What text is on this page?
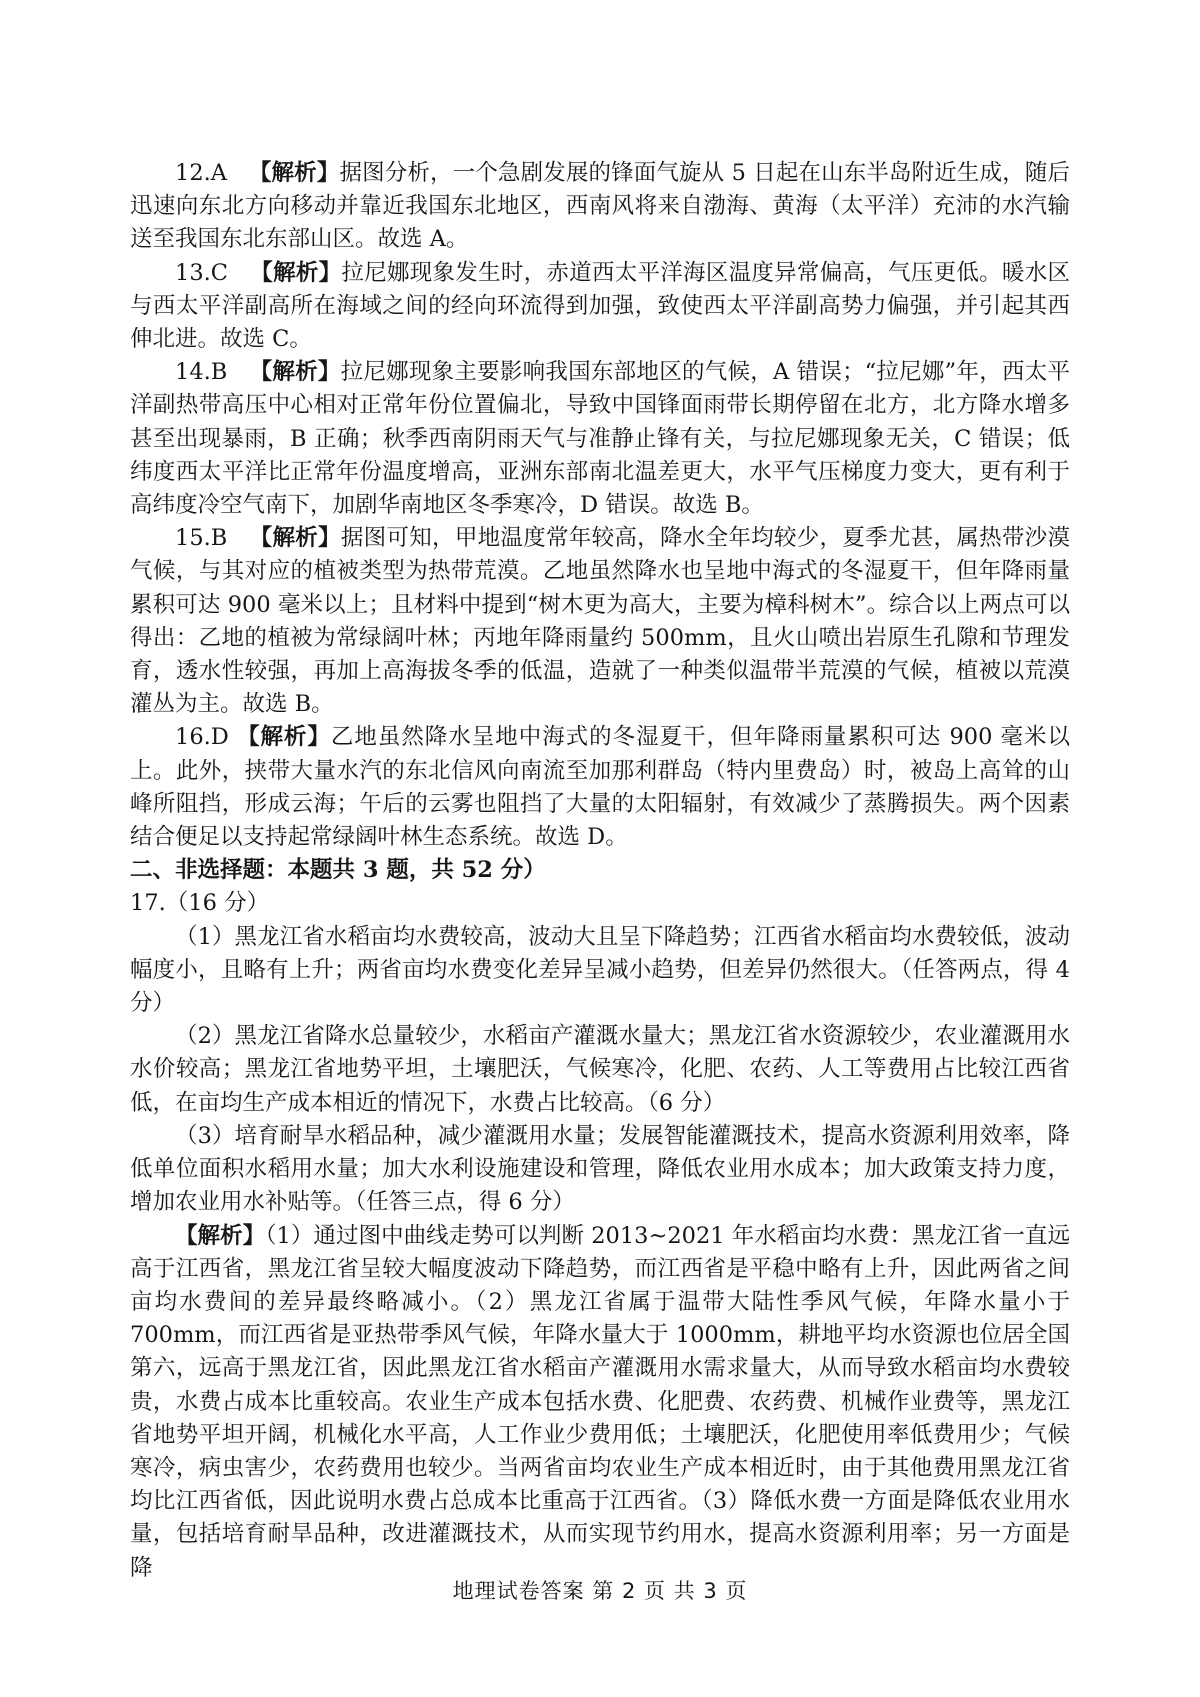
12.A 【解析】据图分析，一个急剧发展的锋面气旋从 5 日起在山东半岛附近生成，随后迅速向东北方向移动并靠近我国东北地区，西南风将来自渤海、黄海（太平洋）充沛的水汽输送至我国东北东部山区。故选 A。

13.C 【解析】拉尼娜现象发生时，赤道西太平洋海区温度异常偏高，气压更低。暖水区与西太平洋副高所在海域之间的经向环流得到加强，致使西太平洋副高势力偏强，并引起其西伸北进。故选 C。

14.B 【解析】拉尼娜现象主要影响我国东部地区的气候，A 错误；“拉尼娜”年，西太平洋副热带高压中心相对正常年份位置偏北，导致中国锋面雨带长期停留在北方，北方降水增多甚至出现暴雨，B 正确；秋季西南阴雨天气与准静止锋有关，与拉尼娜现象无关，C 错误；低纬度西太平洋比正常年份温度增高，亚洲东部南北温差更大，水平气压梯度力变大，更有利于高纬度冷空气南下，加剧华南地区冬季寒冷，D 错误。故选 B。

15.B 【解析】据图可知，甲地温度常年较高，降水全年均较少，夏季尤甚，属热带沙漠气候，与其对应的植被类型为热带荒漠。乙地虽然降水也呈地中海式的冬湿夏干，但年降雨量累积可达 900 毫米以上；且材料中提到“树木更为高大，主要为樟科树木”。综合以上两点可以得出：乙地的植被为常绿阔叶林；丙地年降雨量约 500mm，且火山喷出岩原生孔隙和节理发育，透水性较强，再加上高海拔冬季的低温，造就了一种类似温带半荒漠的气候，植被以荒漠灌丛为主。故选 B。

16.D 【解析】乙地虽然降水呈地中海式的冬湿夏干，但年降雨量累积可达 900 毫米以上。此外，挟带大量水汽的东北信风向南流至加那利群岛（特内里费岛）时，被岛上高耸的山峰所阻挡，形成云海；午后的云雾也阻挡了大量的太阳辐射，有效减少了蒸腾损失。两个因素结合便足以支持起常绿阔叶林生态系统。故选 D。

二、非选择题：本题共 3 题，共 52 分）

17.（16 分）

（1）黑龙江省水稻亩均水费较高，波动大且呈下降趋势；江西省水稻亩均水费较低，波动幅度小，且略有上升；两省亩均水费变化差异呈减小趋势，但差异仍然很大。（任答两点，得 4 分）

（2）黑龙江省降水总量较少，水稻亩产灌溉水量大；黑龙江省水资源较少，农业灌溉用水水价较高；黑龙江省地势平坦，土壤肥沃，气候寒冷，化肥、农药、人工等费用占比较江西省低，在亩均生产成本相近的情况下，水费占比较高。（6 分）

（3）培育耐旱水稻品种，减少灌溉用水量；发展智能灌溉技术，提高水资源利用效率，降低单位面积水稻用水量；加大水利设施建设和管理，降低农业用水成本；加大政策支持力度，增加农业用水补贴等。（任答三点，得 6 分）

【解析】（1）通过图中曲线走势可以判断 2013~2021 年水稻亩均水费：黑龙江省一直远高于江西省，黑龙江省呈较大幅度波动下降趋势，而江西省是平稳中略有上升，因此两省之间亩均水费间的差异最终略减小。（2）黑龙江省属于温带大陆性季风气候，年降水量小于 700mm，而江西省是亚热带季风气候，年降水量大于 1000mm，耕地平均水资源也位居全国第六，远高于黑龙江省，因此黑龙江省水稻亩产灌溉用水需求量大，从而导致水稻亩均水费较贵，水费占成本比重较高。农业生产成本包括水费、化肥费、农药费、机械作业费等，黑龙江省地势平坦开阔，机械化水平高，人工作业少费用低；土壤肥沃，化肥使用率低费用少；气候寒冷，病虫害少，农药费用也较少。当两省亩均农业生产成本相近时，由于其他费用黑龙江省均比江西省低，因此说明水费占总成本比重高于江西省。（3）降低水费一方面是降低农业用水量，包括培育耐旱品种，改进灌溉技术，从而实现节约用水，提高水资源利用率；另一方面是降

地理试卷答案 第 2 页 共 3 页
